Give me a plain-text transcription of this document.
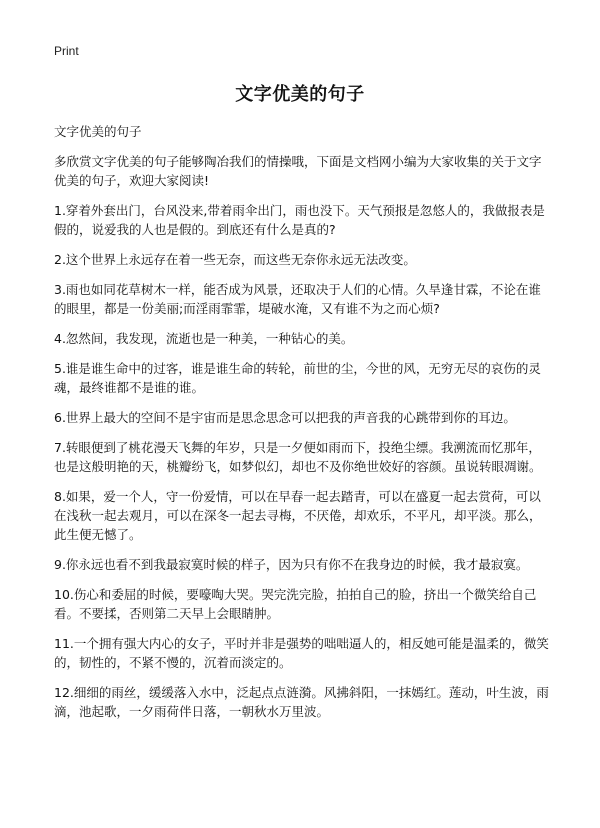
Print
文字优美的句子

文字优美的句子

多欣赏文字优美的句子能够陶冶我们的情操哦，下面是文档网小编为大家收集的关于文字优美的句子，欢迎大家阅读!

1.穿着外套出门，台风没来,带着雨伞出门，雨也没下。天气预报是忽悠人的，我做报表是假的，说爱我的人也是假的。到底还有什么是真的?

2.这个世界上永远存在着一些无奈，而这些无奈你永远无法改变。

3.雨也如同花草树木一样，能否成为风景，还取决于人们的心情。久旱逢甘霖，不论在谁的眼里，都是一份美丽;而淫雨霏霏，堤破水淹，又有谁不为之而心烦?

4.忽然间，我发现，流逝也是一种美，一种钻心的美。

5.谁是谁生命中的过客，谁是谁生命的转轮，前世的尘，今世的风，无穷无尽的哀伤的灵魂，最终谁都不是谁的谁。

6.世界上最大的空间不是宇宙而是思念思念可以把我的声音我的心跳带到你的耳边。

7.转眼便到了桃花漫天飞舞的年岁，只是一夕便如雨而下，投绝尘缥。我溯流而忆那年，也是这般明艳的天，桃瓣纷飞，如梦似幻，却也不及你绝世姣好的容颜。虽说转眼凋谢。

8.如果，爱一个人，守一份爱情，可以在早春一起去踏青，可以在盛夏一起去赏荷，可以在浅秋一起去观月，可以在深冬一起去寻梅，不厌倦，却欢乐，不平凡，却平淡。那么，此生便无憾了。

9.你永远也看不到我最寂寞时候的样子，因为只有你不在我身边的时候，我才最寂寞。

10.伤心和委屈的时候，要嚎啕大哭。哭完洗完脸，拍拍自己的脸，挤出一个微笑给自己看。不要揉，否则第二天早上会眼睛肿。

11.一个拥有强大内心的女子，平时并非是强势的咄咄逼人的，相反她可能是温柔的，微笑的，韧性的，不紧不慢的，沉着而淡定的。

12.细细的雨丝，缓缓落入水中，泛起点点涟漪。风拂斜阳，一抹嫣红。莲动，叶生波，雨滴，池起歌，一夕雨荷伴日落，一朝秋水万里波。
